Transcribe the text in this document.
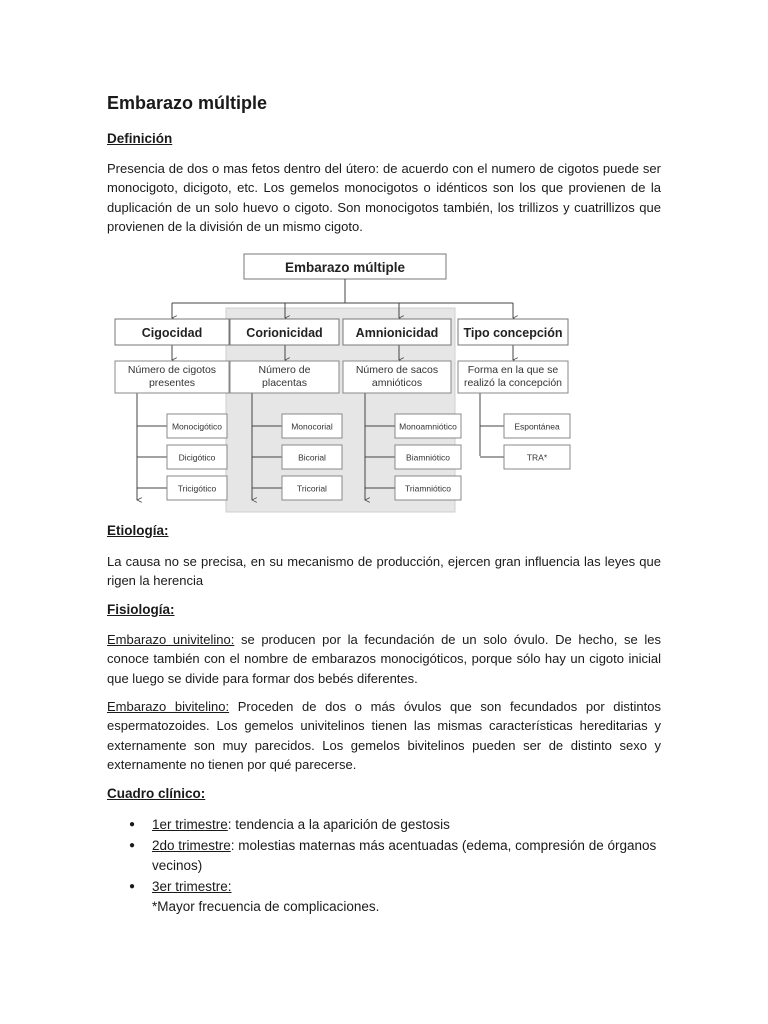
Embarazo múltiple
Definición

Presencia de dos o mas fetos dentro del útero: de acuerdo con el numero de cigotos puede ser monocigoto, dicigoto, etc. Los gemelos monocigotos o idénticos son los que provienen de la duplicación de un solo huevo o cigoto. Son monocigotos también, los trillizos y cuatrillizos que provienen de la división de un mismo cigoto.

Embarazo múltiple
Cigocidad
Número de cigotos
presentes
Monocigótico
Dicigótico
Tricigótico
Corionicidad
Número de
placentas
Monocorial
Bicorial
Tricorial
Amnionicidad
Número de sacos
amnióticos
Monoamniótico
Biamniótico
Triamniótico
Tipo concepción
Forma en la que se
realizó la concepción
Espontánea
TRA*
Etiología:

La causa no se precisa, en su mecanismo de producción, ejercen gran influencia las leyes que rigen la herencia

Fisiología:

Embarazo univitelino: se producen por la fecundación de un solo óvulo. De hecho, se les conoce también con el nombre de embarazos monocigóticos, porque sólo hay un cigoto inicial que luego se divide para formar dos bebés diferentes.

Embarazo bivitelino: Proceden de dos o más óvulos que son fecundados por distintos espermatozoides. Los gemelos univitelinos tienen las mismas características hereditarias y externamente son muy parecidos. Los gemelos bivitelinos pueden ser de distinto sexo y externamente no tienen por qué parecerse.

Cuadro clínico:
● 1er trimestre: tendencia a la aparición de gestosis
● 2do trimestre: molestias maternas más acentuadas (edema, compresión de órganos vecinos)
● 3er trimestre:
*Mayor frecuencia de complicaciones.
